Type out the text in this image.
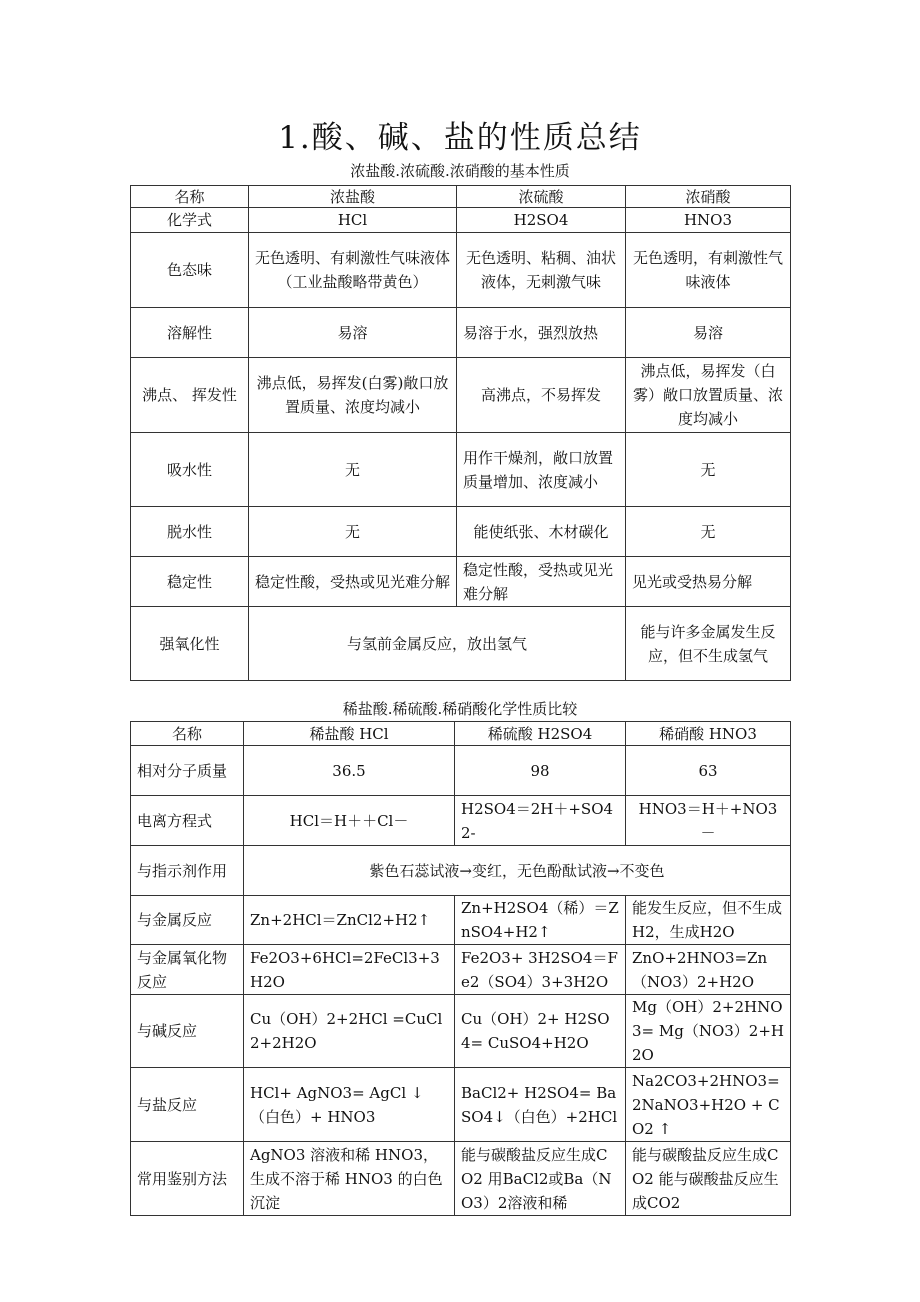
1.酸、碱、盐的性质总结
浓盐酸.浓硫酸.浓硝酸的基本性质
名称	浓盐酸	浓硫酸	浓硝酸
化学式	HCl	H2SO4	HNO3
色态味	无色透明、有刺激性气味液体（工业盐酸略带黄色）	无色透明、粘稠、油状液体，无刺激气味	无色透明，有刺激性气味液体
溶解性	易溶	易溶于水，强烈放热	易溶
沸点、 挥发性	沸点低，易挥发(白雾)敞口放置质量、浓度均减小	高沸点，不易挥发	沸点低，易挥发（白雾）敞口放置质量、浓度均减小
吸水性	无	用作干燥剂，敞口放置质量增加、浓度减小	无
脱水性	无	能使纸张、木材碳化	无
稳定性	稳定性酸，受热或见光难分解	稳定性酸，受热或见光难分解	见光或受热易分解
强氧化性	与氢前金属反应，放出氢气		能与许多金属发生反应，但不生成氢气
稀盐酸.稀硫酸.稀硝酸化学性质比较
名称	稀盐酸 HCl	稀硫酸 H2SO4	稀硝酸 HNO3
相对分子质量	36.5	98	63
电离方程式	HCl＝H＋＋Cl－	H2SO4＝2H＋+SO42-	HNO3＝H＋+NO3－
与指示剂作用	紫色石蕊试液→变红，无色酚酞试液→不变色		
与金属反应	Zn+2HCl＝ZnCl2+H2↑	Zn+H2SO4（稀）＝ZnSO4+H2↑	能发生反应，但不生成H2，生成H2O
与金属氧化物反应	Fe2O3+6HCl=2FeCl3+3H2O	Fe2O3+ 3H2SO4＝Fe2（SO4）3+3H2O	ZnO+2HNO3=Zn（NO3）2+H2O
与碱反应	Cu（OH）2+2HCl =CuCl2+2H2O	Cu（OH）2+ H2SO4= CuSO4+H2O	Mg（OH）2+2HNO3= Mg（NO3）2+H2O
与盐反应	HCl+ AgNO3= AgCl ↓（白色）+ HNO3	BaCl2+ H2SO4= BaSO4↓（白色）+2HCl	Na2CO3+2HNO3= 2NaNO3+H2O + CO2 ↑
常用鉴别方法	AgNO3 溶液和稀 HNO3，生成不溶于稀 HNO3 的白色沉淀	能与碳酸盐反应生成CO2 用BaCl2或Ba（NO3）2溶液和稀	能与碳酸盐反应生成CO2 能与碳酸盐反应生成CO2
